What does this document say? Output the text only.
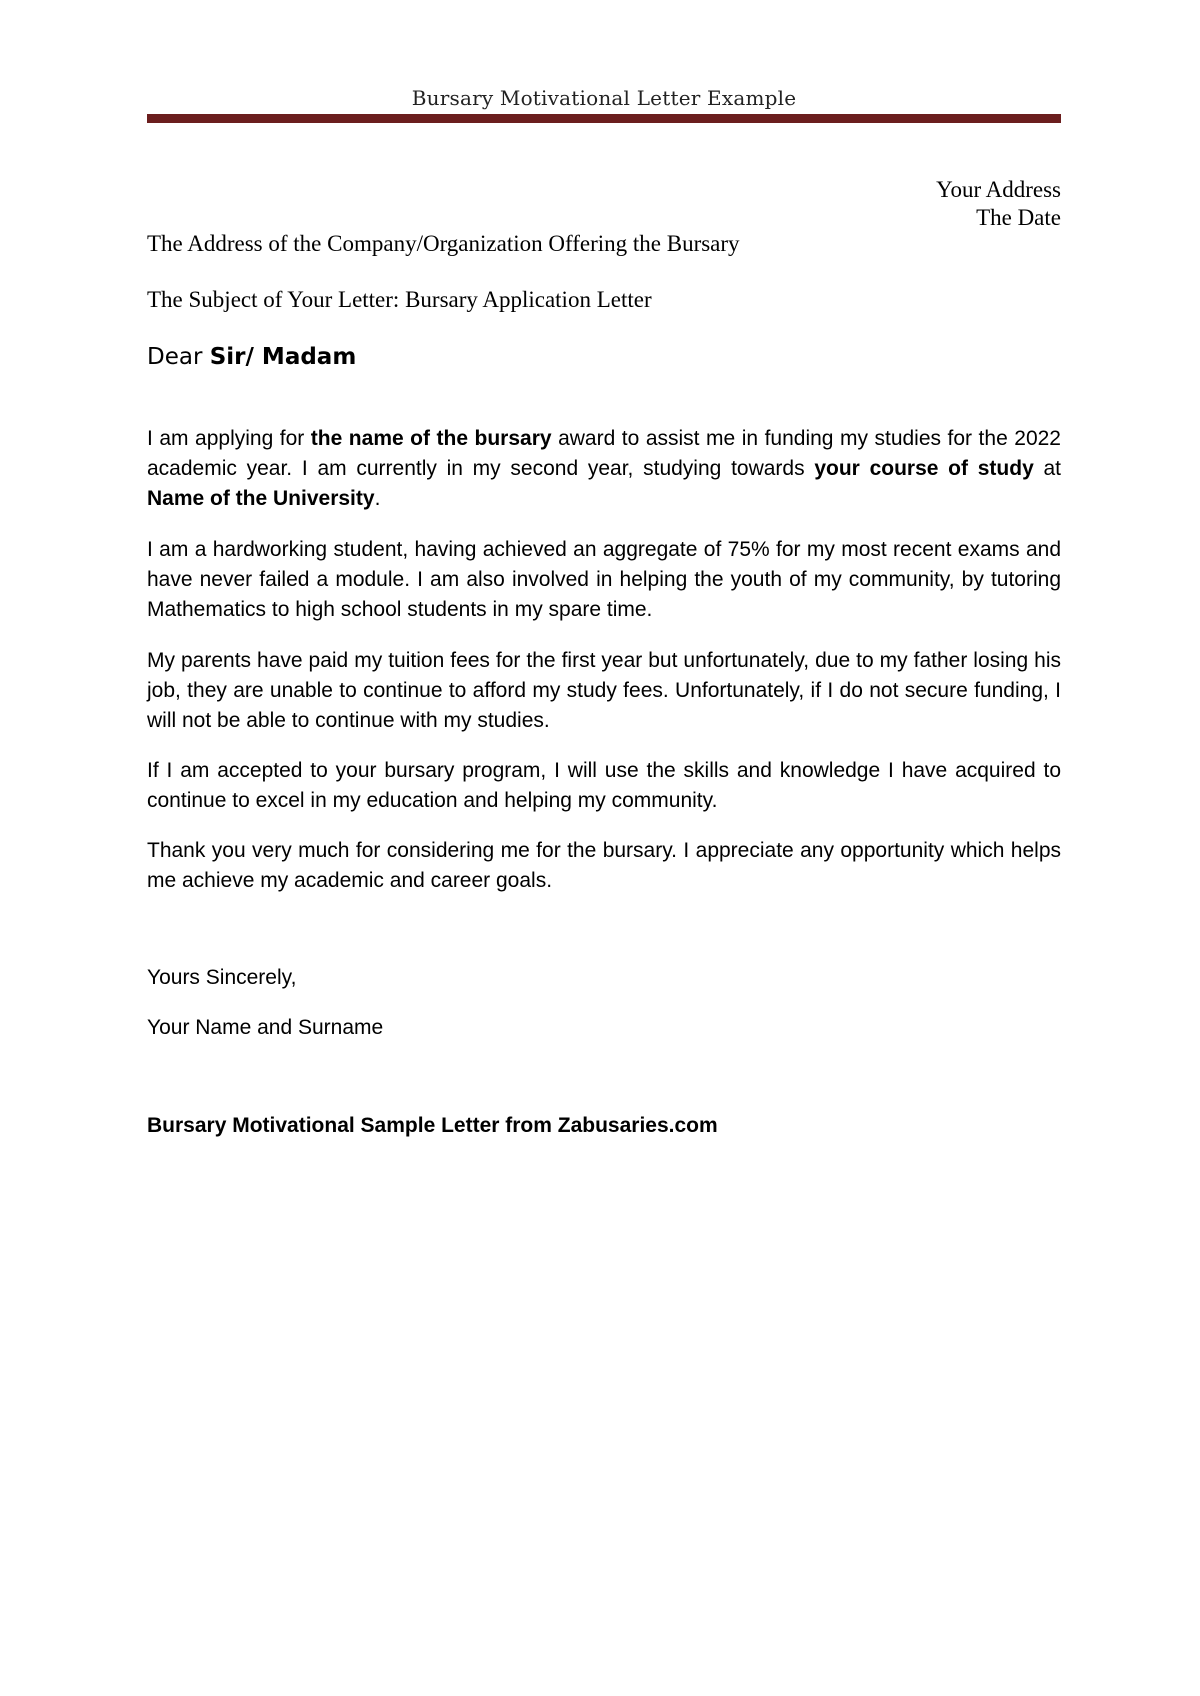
Bursary Motivational Letter Example
Your Address
The Date
The Address of the Company/Organization Offering the Bursary
The Subject of Your Letter: Bursary Application Letter
Dear Sir/ Madam

I am applying for the name of the bursary award to assist me in funding my studies for the 2022 academic year. I am currently in my second year, studying towards your course of study at Name of the University.

I am a hardworking student, having achieved an aggregate of 75% for my most recent exams and have never failed a module. I am also involved in helping the youth of my community, by tutoring Mathematics to high school students in my spare time.

My parents have paid my tuition fees for the first year but unfortunately, due to my father losing his job, they are unable to continue to afford my study fees. Unfortunately, if I do not secure funding, I will not be able to continue with my studies.

If I am accepted to your bursary program, I will use the skills and knowledge I have acquired to continue to excel in my education and helping my community.

Thank you very much for considering me for the bursary. I appreciate any opportunity which helps me achieve my academic and career goals.

Yours Sincerely,
Your Name and Surname
Bursary Motivational Sample Letter from Zabusaries.com
